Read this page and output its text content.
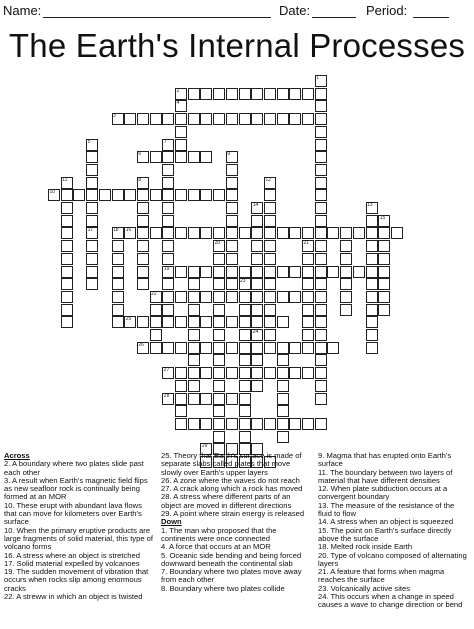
Name:	Date:	Period:
The Earth's Internal Processes
1
2
3
4
5
6
7
8
9
10
11	12
13
14
15
16
17	18
19
20	21
22
23
24
25
26
27
28
29
Across
2. A boundary where two plates slide past each other
3. A result when Earth's magnetic field flips as new seafloor rock is continually being formed at an MOR
10. These erupt with abundant lava flows that can move for kilometers over Earth's surface
10. When the primary eruptive products are large fragments of solid material, this type of volcano forms
16. A stress where an object is stretched
17. Solid material expelled by volcanoes
19. The sudden movement of vibration that occurs when rocks slip among enormous cracks
22. A streww in which an object is twisted
25. Theory that Earth's surface is made of separate slabs called plates that move slowly over Earth's upper layers
26. A zone where the waves do not reach
27. A crack along which a rock has moved
28. A stress where different parts of an object are moved in different directions
29. A point where strain energy is released
Down
1. The man who proposed that the continents were once connected
4. A force that occurs at an MOR
5. Oceanic side bending and being forced downward beneath the continental slab
7. Boundary where two plates move away from each other
8. Boundary where two plates collide
9. Magma that has erupted onto Earth's surface
11. The boundary between two layers of material that have different densities
12. When plate subduction occurs at a convergent boundary
13. The measure of the resistance of the fluid to flow
14. A stress when an object is squeezed
15. The point on Earth's surface directly above the surface
18. Melted rock inside Earth
20. Type of volcano composed of alternating layers
21. A feature that forms when magma reaches the surface
23. Volcanically active sites
24. This occurs when a change in speed causes a wave to change direction or bend
